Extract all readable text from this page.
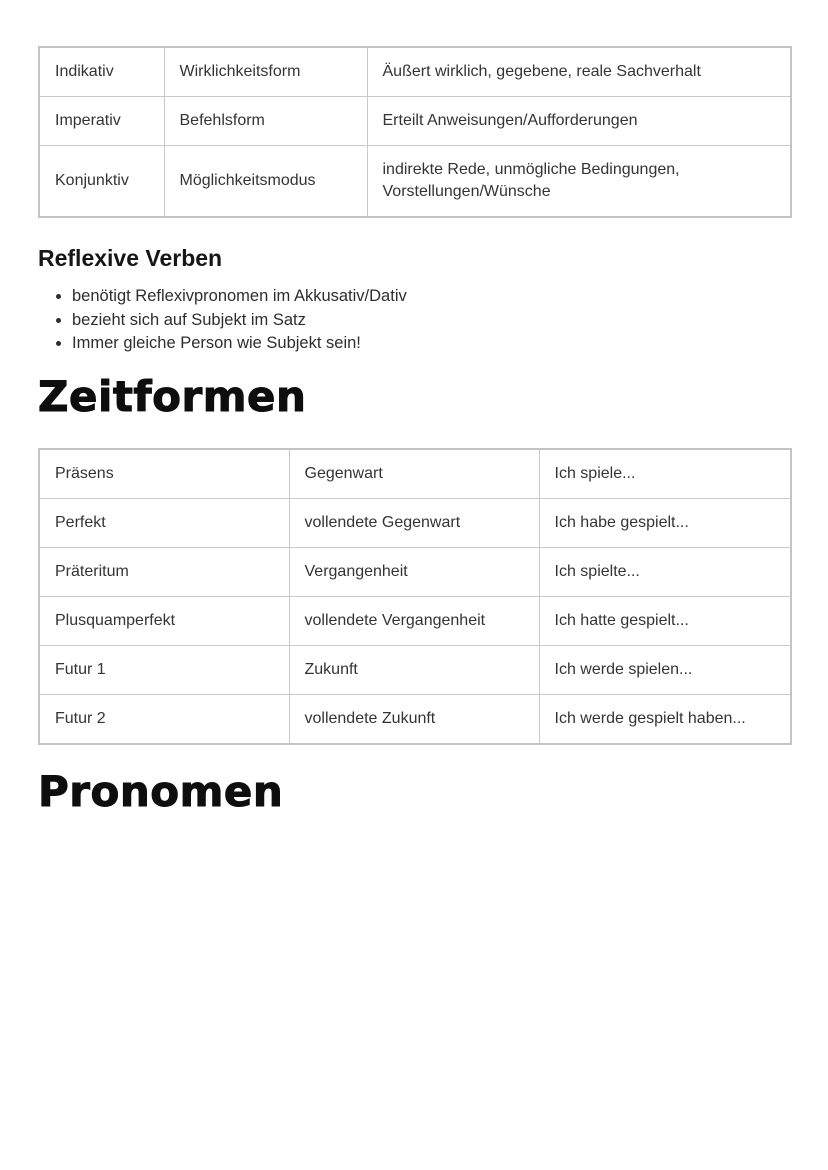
Indikativ	Wirklichkeitsform	Äußert wirklich, gegebene, reale Sachverhalt
Imperativ	Befehlsform	Erteilt Anweisungen/Aufforderungen
Konjunktiv	Möglichkeitsmodus	indirekte Rede, unmögliche Bedingungen, Vorstellungen/Wünsche
Reflexive Verben
• benötigt Reflexivpronomen im Akkusativ/Dativ
• bezieht sich auf Subjekt im Satz
• Immer gleiche Person wie Subjekt sein!
Zeitformen
Präsens	Gegenwart	Ich spiele...
Perfekt	vollendete Gegenwart	Ich habe gespielt...
Präteritum	Vergangenheit	Ich spielte...
Plusquamperfekt	vollendete Vergangenheit	Ich hatte gespielt...
Futur 1	Zukunft	Ich werde spielen...
Futur 2	vollendete Zukunft	Ich werde gespielt haben...
Pronomen
